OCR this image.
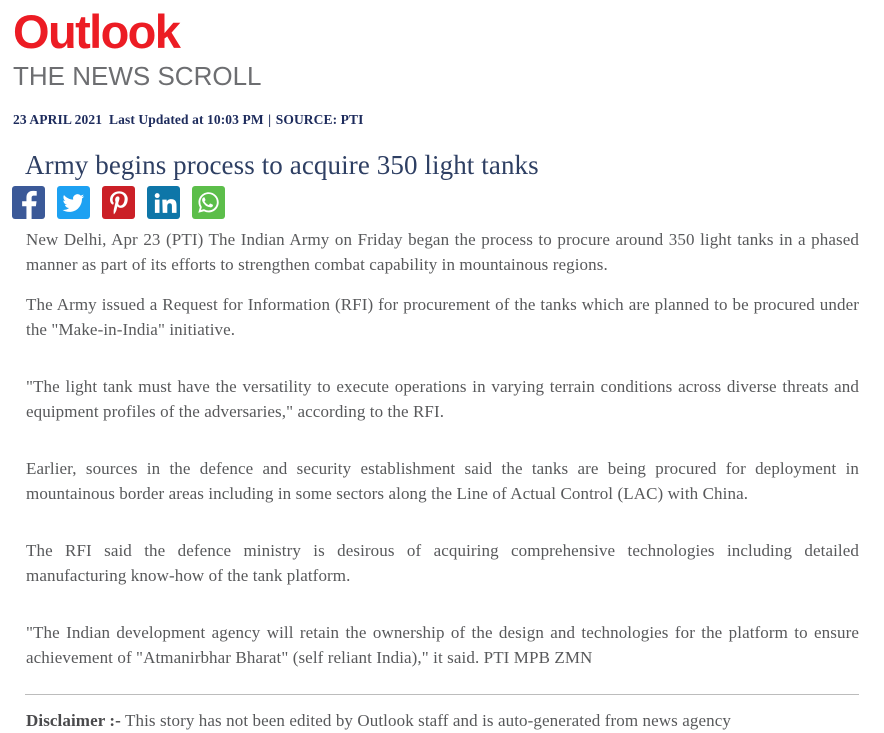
Outlook
THE NEWS SCROLL
23 APRIL 2021 Last Updated at 10:03 PM | SOURCE: PTI
Army begins process to acquire 350 light tanks

New Delhi, Apr 23 (PTI) The Indian Army on Friday began the process to procure around 350 light tanks in a phased manner as part of its efforts to strengthen combat capability in mountainous regions.

The Army issued a Request for Information (RFI) for procurement of the tanks which are planned to be procured under the "Make-in-India" initiative.

"The light tank must have the versatility to execute operations in varying terrain conditions across diverse threats and equipment profiles of the adversaries," according to the RFI.

Earlier, sources in the defence and security establishment said the tanks are being procured for deployment in mountainous border areas including in some sectors along the Line of Actual Control (LAC) with China.

The RFI said the defence ministry is desirous of acquiring comprehensive technologies including detailed manufacturing know-how of the tank platform.

"The Indian development agency will retain the ownership of the design and technologies for the platform to ensure achievement of "Atmanirbhar Bharat" (self reliant India)," it said. PTI MPB ZMN

Disclaimer :- This story has not been edited by Outlook staff and is auto-generated from news agency
